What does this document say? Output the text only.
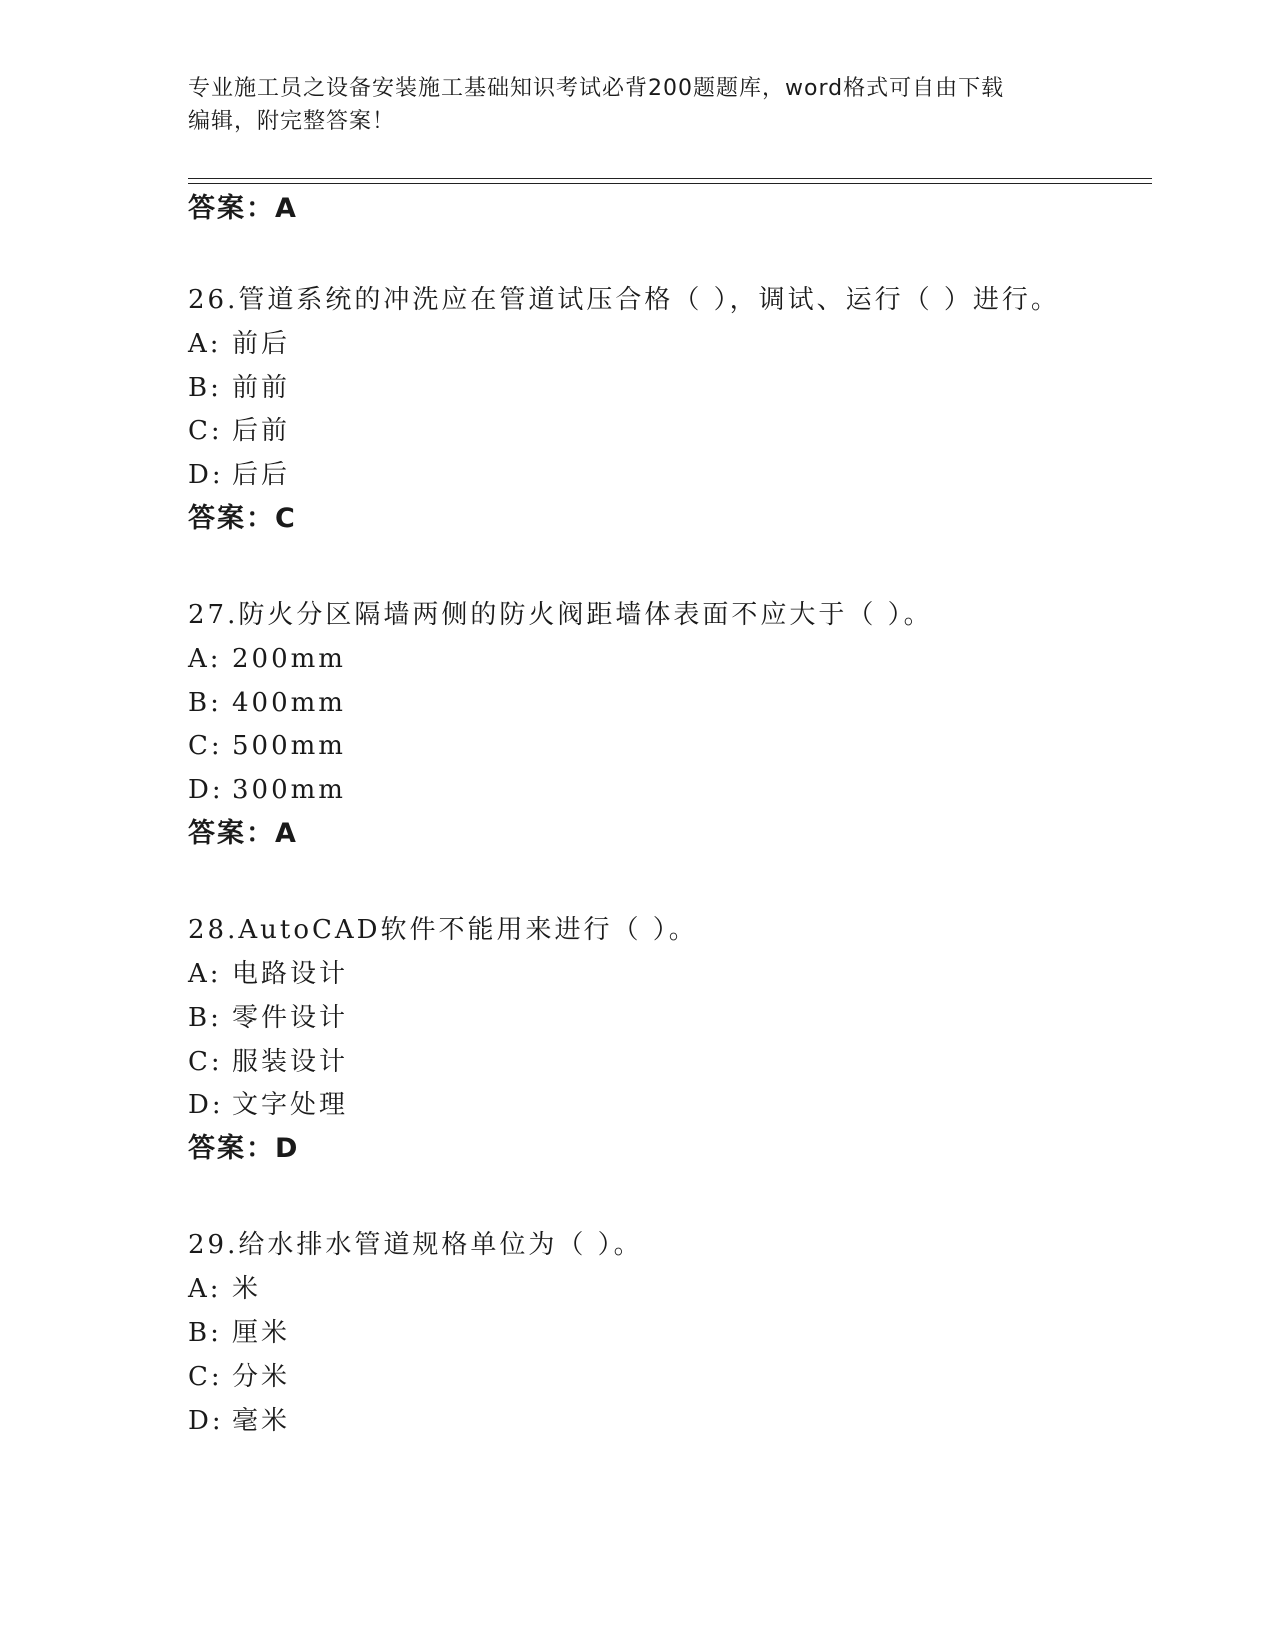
专业施工员之设备安装施工基础知识考试必背200题题库，word格式可自由下载
编辑，附完整答案！
答案：A
26.管道系统的冲洗应在管道试压合格（ ），调试、运行（ ）进行。
A: 前后
B: 前前
C: 后前
D: 后后
答案：C
27.防火分区隔墙两侧的防火阀距墙体表面不应大于（ ）。
A: 200mm
B: 400mm
C: 500mm
D: 300mm
答案：A
28.AutoCAD软件不能用来进行（ ）。
A: 电路设计
B: 零件设计
C: 服装设计
D: 文字处理
答案：D
29.给水排水管道规格单位为（ ）。
A: 米
B: 厘米
C: 分米
D: 毫米
